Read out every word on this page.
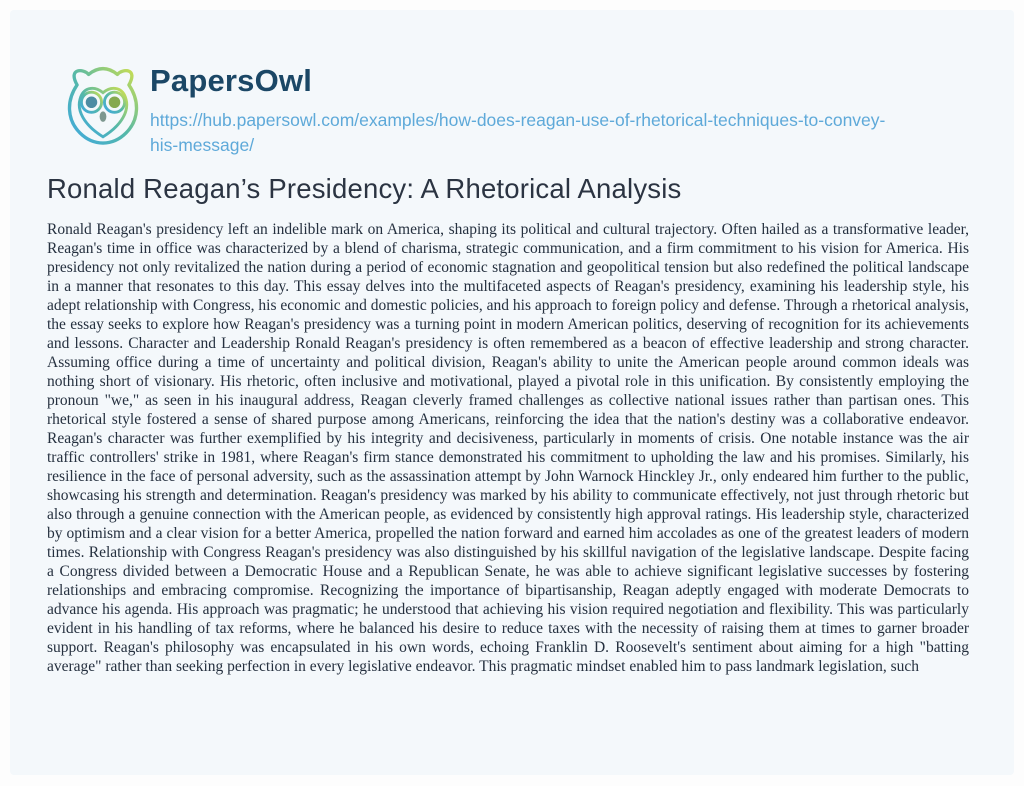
PapersOwl
https://hub.papersowl.com/examples/how-does-reagan-use-of-rhetorical-techniques-to-convey-his-message/
Ronald Reagan’s Presidency: A Rhetorical Analysis

Ronald Reagan's presidency left an indelible mark on America, shaping its political and cultural trajectory. Often hailed as a transformative leader, Reagan's time in office was characterized by a blend of charisma, strategic communication, and a firm commitment to his vision for America. His presidency not only revitalized the nation during a period of economic stagnation and geopolitical tension but also redefined the political landscape in a manner that resonates to this day. This essay delves into the multifaceted aspects of Reagan's presidency, examining his leadership style, his adept relationship with Congress, his economic and domestic policies, and his approach to foreign policy and defense. Through a rhetorical analysis, the essay seeks to explore how Reagan's presidency was a turning point in modern American politics, deserving of recognition for its achievements and lessons. Character and Leadership Ronald Reagan's presidency is often remembered as a beacon of effective leadership and strong character. Assuming office during a time of uncertainty and political division, Reagan's ability to unite the American people around common ideals was nothing short of visionary. His rhetoric, often inclusive and motivational, played a pivotal role in this unification. By consistently employing the pronoun "we," as seen in his inaugural address, Reagan cleverly framed challenges as collective national issues rather than partisan ones. This rhetorical style fostered a sense of shared purpose among Americans, reinforcing the idea that the nation's destiny was a collaborative endeavor. Reagan's character was further exemplified by his integrity and decisiveness, particularly in moments of crisis. One notable instance was the air traffic controllers' strike in 1981, where Reagan's firm stance demonstrated his commitment to upholding the law and his promises. Similarly, his resilience in the face of personal adversity, such as the assassination attempt by John Warnock Hinckley Jr., only endeared him further to the public, showcasing his strength and determination. Reagan's presidency was marked by his ability to communicate effectively, not just through rhetoric but also through a genuine connection with the American people, as evidenced by consistently high approval ratings. His leadership style, characterized by optimism and a clear vision for a better America, propelled the nation forward and earned him accolades as one of the greatest leaders of modern times. Relationship with Congress Reagan's presidency was also distinguished by his skillful navigation of the legislative landscape. Despite facing a Congress divided between a Democratic House and a Republican Senate, he was able to achieve significant legislative successes by fostering relationships and embracing compromise. Recognizing the importance of bipartisanship, Reagan adeptly engaged with moderate Democrats to advance his agenda. His approach was pragmatic; he understood that achieving his vision required negotiation and flexibility. This was particularly evident in his handling of tax reforms, where he balanced his desire to reduce taxes with the necessity of raising them at times to garner broader support. Reagan's philosophy was encapsulated in his own words, echoing Franklin D. Roosevelt's sentiment about aiming for a high "batting average" rather than seeking perfection in every legislative endeavor. This pragmatic mindset enabled him to pass landmark legislation, such
